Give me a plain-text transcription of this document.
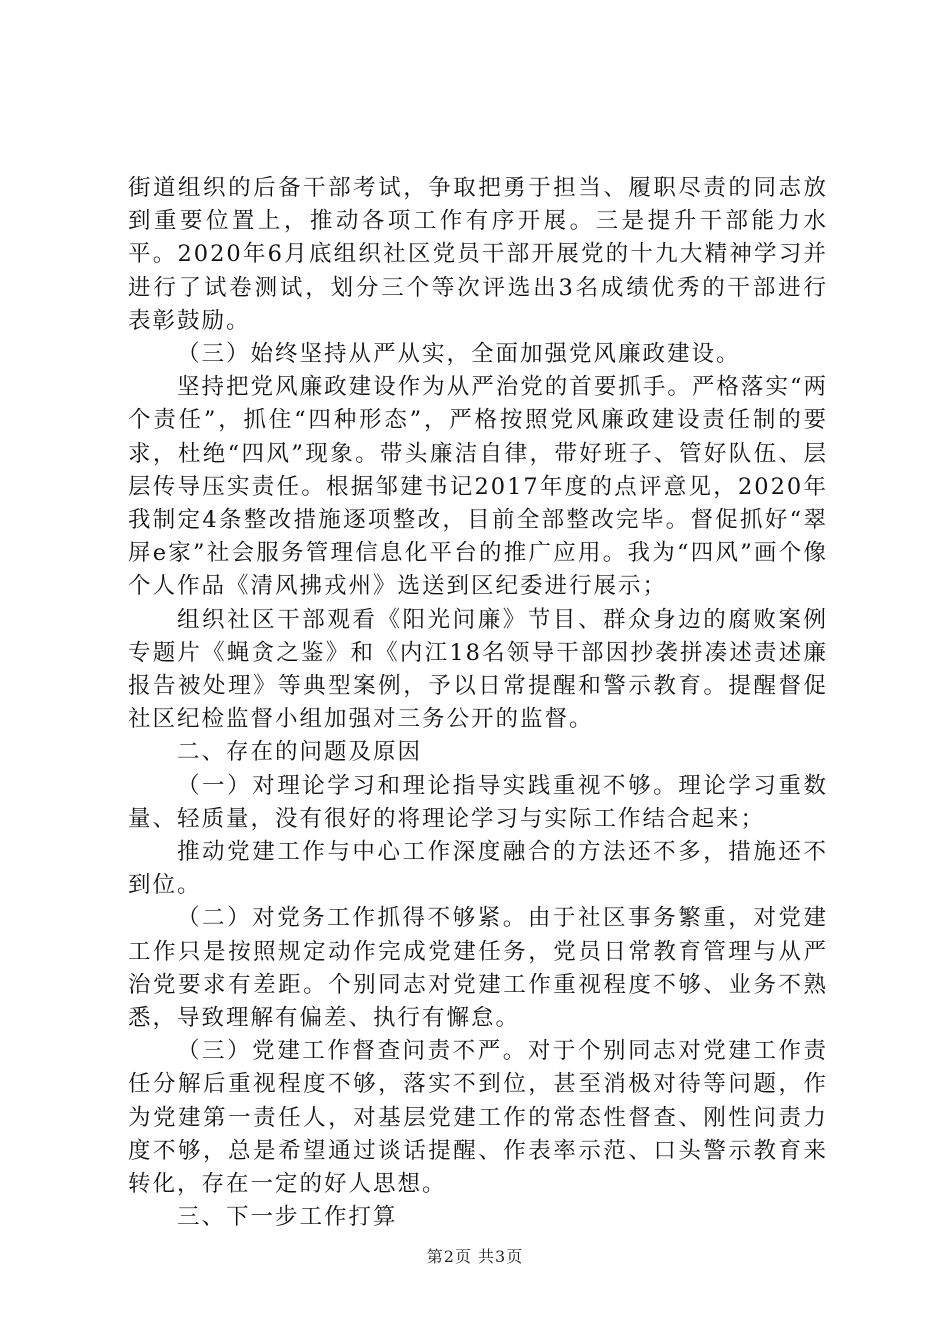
街道组织的后备干部考试，争取把勇于担当、履职尽责的同志放到重要位置上，推动各项工作有序开展。三是提升干部能力水平。2020年6月底组织社区党员干部开展党的十九大精神学习并进行了试卷测试，划分三个等次评选出3名成绩优秀的干部进行表彰鼓励。

（三）始终坚持从严从实，全面加强党风廉政建设。

坚持把党风廉政建设作为从严治党的首要抓手。严格落实“两个责任”，抓住“四种形态”，严格按照党风廉政建设责任制的要求，杜绝“四风”现象。带头廉洁自律，带好班子、管好队伍、层层传导压实责任。根据邹建书记2017年度的点评意见，2020年我制定4条整改措施逐项整改，目前全部整改完毕。督促抓好“翠屏e家”社会服务管理信息化平台的推广应用。我为“四风”画个像个人作品《清风拂戎州》选送到区纪委进行展示；

组织社区干部观看《阳光问廉》节目、群众身边的腐败案例专题片《蝇贪之鉴》和《内江18名领导干部因抄袭拼凑述责述廉报告被处理》等典型案例，予以日常提醒和警示教育。提醒督促社区纪检监督小组加强对三务公开的监督。

二、存在的问题及原因

（一）对理论学习和理论指导实践重视不够。理论学习重数量、轻质量，没有很好的将理论学习与实际工作结合起来；

推动党建工作与中心工作深度融合的方法还不多，措施还不到位。

（二）对党务工作抓得不够紧。由于社区事务繁重，对党建工作只是按照规定动作完成党建任务，党员日常教育管理与从严治党要求有差距。个别同志对党建工作重视程度不够、业务不熟悉，导致理解有偏差、执行有懈怠。

（三）党建工作督查问责不严。对于个别同志对党建工作责任分解后重视程度不够，落实不到位，甚至消极对待等问题，作为党建第一责任人，对基层党建工作的常态性督查、刚性问责力度不够，总是希望通过谈话提醒、作表率示范、口头警示教育来转化，存在一定的好人思想。

三、下一步工作打算

第2页 共3页
